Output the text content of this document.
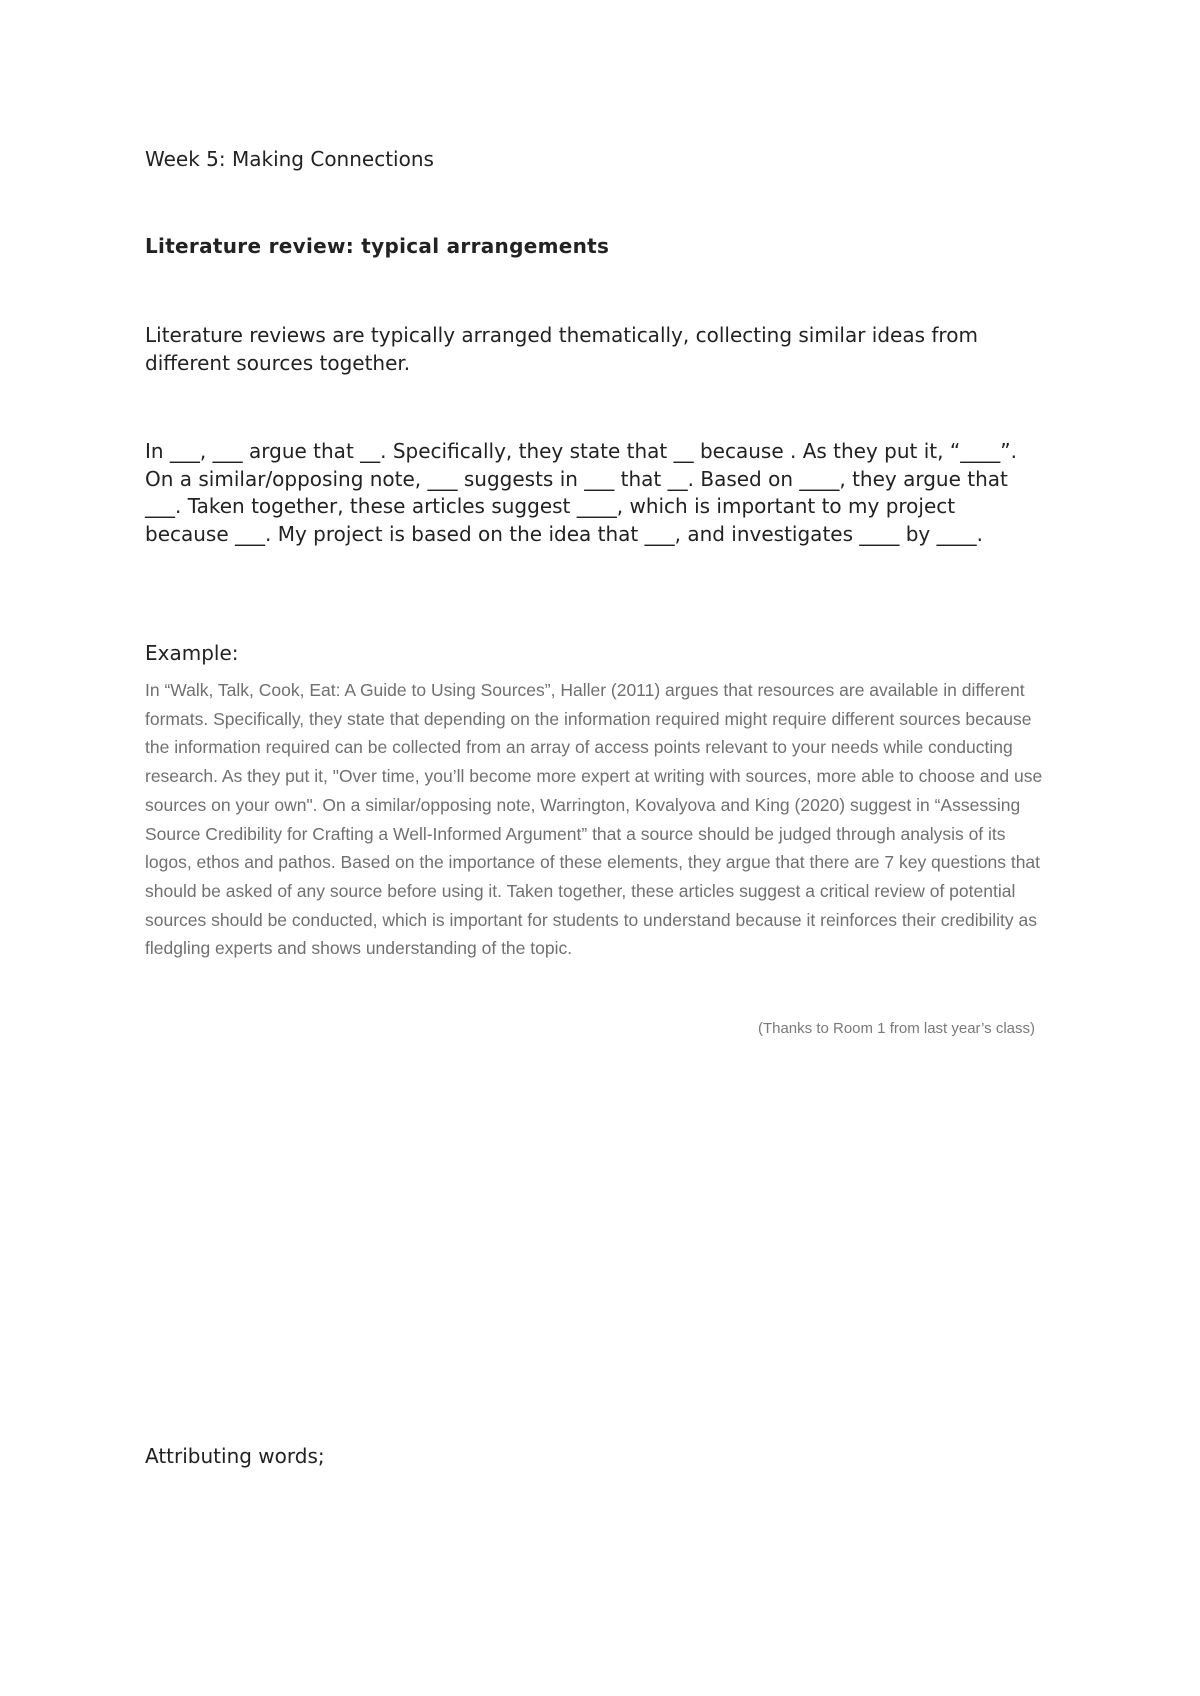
Week 5: Making Connections

Literature review: typical arrangements

Literature reviews are typically arranged thematically, collecting similar ideas from different sources together.

In ___, ___ argue that __. Specifically, they state that __ because . As they put it, “____”. On a similar/opposing note, ___ suggests in ___ that __. Based on ____, they argue that ___. Taken together, these articles suggest ____, which is important to my project because ___. My project is based on the idea that ___, and investigates ____ by ____.

Example:

In “Walk, Talk, Cook, Eat: A Guide to Using Sources”, Haller (2011) argues that resources are available in different formats. Specifically, they state that depending on the information required might require different sources because the information required can be collected from an array of access points relevant to your needs while conducting research. As they put it, "Over time, you’ll become more expert at writing with sources, more able to choose and use sources on your own". On a similar/opposing note, Warrington, Kovalyova and King (2020) suggest in “Assessing Source Credibility for Crafting a Well-Informed Argument” that a source should be judged through analysis of its logos, ethos and pathos. Based on the importance of these elements, they argue that there are 7 key questions that should be asked of any source before using it. Taken together, these articles suggest a critical review of potential sources should be conducted, which is important for students to understand because it reinforces their credibility as fledgling experts and shows understanding of the topic.

(Thanks to Room 1 from last year’s class)

Attributing words;
